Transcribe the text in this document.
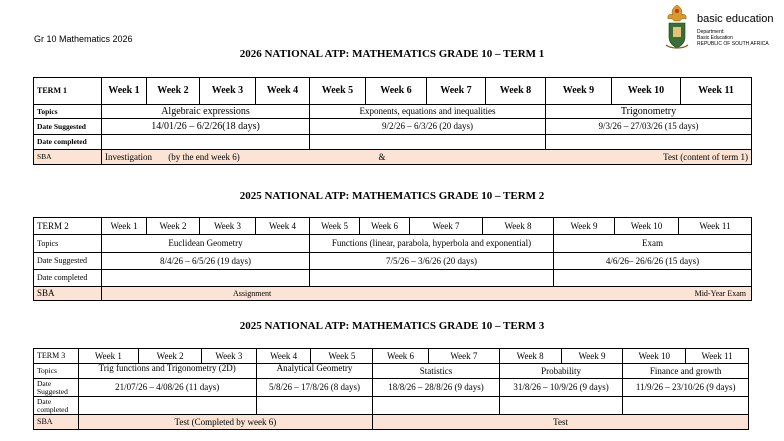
Gr 10 Mathematics 2026
basic education
Department:
Basic Education
REPUBLIC OF SOUTH AFRICA
2026 NATIONAL ATP: MATHEMATICS GRADE 10 – TERM 1
TERM 1	Week 1	Week 2	Week 3	Week 4	Week 5	Week 6	Week 7	Week 8	Week 9	Week 10	Week 11
Topics	Algebraic expressions				Exponents, equations and inequalities				Trigonometry		
Date Suggested	14/01/26 – 6/2/26(18 days)				9/2/26 – 6/3/26 (20 days)				9/3/26 – 27/03/26 (15 days)		
Date completed											
SBA	Investigation (by the end week 6) & Test (content of term 1)										
2025 NATIONAL ATP: MATHEMATICS GRADE 10 – TERM 2
TERM 2	Week 1	Week 2	Week 3	Week 4	Week 5	Week 6	Week 7	Week 8	Week 9	Week 10	Week 11
Topics	Euclidean Geometry				Functions (linear, parabola, hyperbola and exponential)				Exam		
Date Suggested	8/4/26 – 6/5/26 (19 days)				7/5/26 – 3/6/26 (20 days)				4/6/26– 26/6/26 (15 days)		
Date completed											
SBA	Assignment Mid-Year Exam										
2025 NATIONAL ATP: MATHEMATICS GRADE 10 – TERM 3
TERM 3	Week 1	Week 2	Week 3	Week 4	Week 5	Week 6	Week 7	Week 8	Week 9	Week 10	Week 11
Topics	Trig functions and Trigonometry (2D)			Analytical Geometry		Statistics		Probability		Finance and growth	
Date Suggested	21/07/26 – 4/08/26 (11 days)			5/8/26 – 17/8/26 (8 days)		18/8/26 – 28/8/26 (9 days)		31/8/26 – 10/9/26 (9 days)		11/9/26 – 23/10/26 (9 days)	
Date completed											
SBA	Test (Completed by week 6)					Test					
